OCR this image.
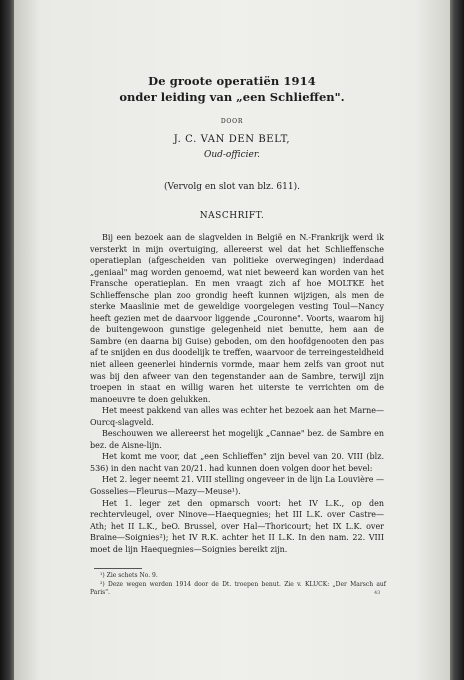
De groote operatiën 1914
onder leiding van „een Schlieffen".
DOOR
J. C. VAN DEN BELT,
Oud-officier.
(Vervolg en slot van blz. 611).
NASCHRIFT.

Bij een bezoek aan de slagvelden in België en N.-Frankrijk werd ik versterkt in mijn overtuiging, allereerst wel dat het Schlieffensche operatieplan (afgescheiden van politieke overwegingen) inderdaad „geniaal" mag worden genoemd, wat niet beweerd kan worden van het Fransche operatieplan. En men vraagt zich af hoe MOLTKE het Schlieffensche plan zoo grondig heeft kunnen wijzigen, als men de sterke Maaslinie met de geweldige voorgelegen vesting Toul—Nancy heeft gezien met de daarvoor liggende „Couronne". Voorts, waarom hij de buitengewoon gunstige gelegenheid niet benutte, hem aan de Sambre (en daarna bij Guise) geboden, om den hoofdgenooten den pas af te snijden en dus doodelijk te treffen, waarvoor de terreingesteldheid niet alleen geenerlei hindernis vormde, maar hem zelfs van groot nut was bij den afweer van den tegenstander aan de Sambre, terwijl zijn troepen in staat en willig waren het uiterste te verrichten om de manoeuvre te doen gelukken.

Het meest pakkend van alles was echter het bezoek aan het Marne—Ourcq-slagveld.

Beschouwen we allereerst het mogelijk „Cannae" bez. de Sambre en bez. de Aisne-lijn.

Het komt me voor, dat „een Schlieffen" zijn bevel van 20. VIII (blz. 536) in den nacht van 20/21. had kunnen doen volgen door het bevel:

Het 2. leger neemt 21. VIII stelling ongeveer in de lijn La Louvière —Gosselies—Fleurus—Mazy—Meuse¹).

Het 1. leger zet den opmarsch voort: het IV L.K., op den rechtervleugel, over Ninove—Haequegnies; het III L.K. over Castre—Ath; het II L.K., beO. Brussel, over Hal—Thoricourt; het IX L.K. over Braine—Soignies²); het IV R.K. achter het II L.K. In den nam. 22. VIII moet de lijn Haequegnies—Soignies bereikt zijn.

¹) Zie schets No. 9.

²) Deze wegen werden 1914 door de Dt. troepen benut. Zie v. KLUCK: „Der Marsch auf Paris".	43
